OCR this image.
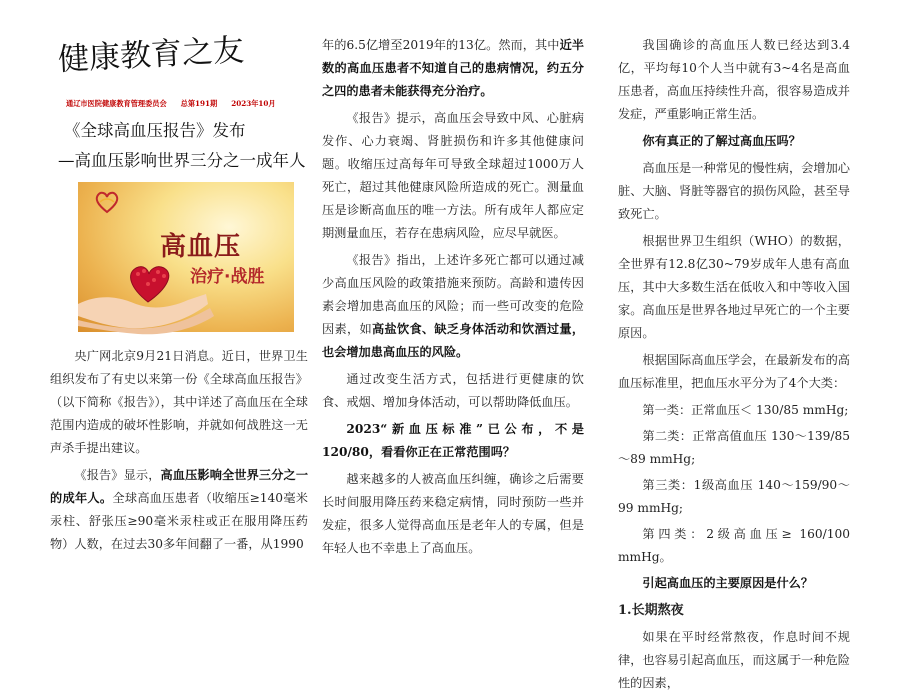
健康教育之友
通辽市医院健康教育管理委员会 总第191期 2023年10月
《全球高血压报告》发布
—高血压影响世界三分之一成年人
高血压
治疗·战胜

央广网北京9月21日消息。近日，世界卫生组织发布了有史以来第一份《全球高血压报告》（以下简称《报告》），其中详述了高血压在全球范围内造成的破坏性影响，并就如何战胜这一无声杀手提出建议。

《报告》显示，高血压影响全世界三分之一的成年人。全球高血压患者（收缩压≥140毫米汞柱、舒张压≥90毫米汞柱或正在服用降压药物）人数，在过去30多年间翻了一番，从1990

年的6.5亿增至2019年的13亿。然而，其中近半数的高血压患者不知道自己的患病情况，约五分之四的患者未能获得充分治疗。

《报告》提示，高血压会导致中风、心脏病发作、心力衰竭、肾脏损伤和许多其他健康问题。收缩压过高每年可导致全球超过1000万人死亡，超过其他健康风险所造成的死亡。测量血压是诊断高血压的唯一方法。所有成年人都应定期测量血压，若存在患病风险，应尽早就医。

《报告》指出，上述许多死亡都可以通过减少高血压风险的政策措施来预防。高龄和遗传因素会增加患高血压的风险；而一些可改变的危险因素，如高盐饮食、缺乏身体活动和饮酒过量，也会增加患高血压的风险。

通过改变生活方式，包括进行更健康的饮食、戒烟、增加身体活动，可以帮助降低血压。

2023“新血压标准”已公布，不是120/80，看看你正在正常范围吗？

越来越多的人被高血压纠缠，确诊之后需要长时间服用降压药来稳定病情，同时预防一些并发症，很多人觉得高血压是老年人的专属，但是年轻人也不幸患上了高血压。

我国确诊的高血压人数已经达到3.4亿，平均每10个人当中就有3~4名是高血压患者，高血压持续性升高，很容易造成并发症，严重影响正常生活。

你有真正的了解过高血压吗？

高血压是一种常见的慢性病，会增加心脏、大脑、肾脏等器官的损伤风险，甚至导致死亡。

根据世界卫生组织（WHO）的数据，全世界有12.8亿30~79岁成年人患有高血压，其中大多数生活在低收入和中等收入国家。高血压是世界各地过早死亡的一个主要原因。

根据国际高血压学会，在最新发布的高血压标准里，把血压水平分为了4个大类：

第一类：正常血压＜ 130/85 mmHg;

第二类：正常高值血压 130～139/85～89 mmHg;

第三类：1级高血压 140～159/90～99 mmHg;

第四类：2级高血压≥ 160/100 mmHg。

引起高血压的主要原因是什么？

1.长期熬夜

如果在平时经常熬夜，作息时间不规律，也容易引起高血压，而这属于一种危险性的因素，
